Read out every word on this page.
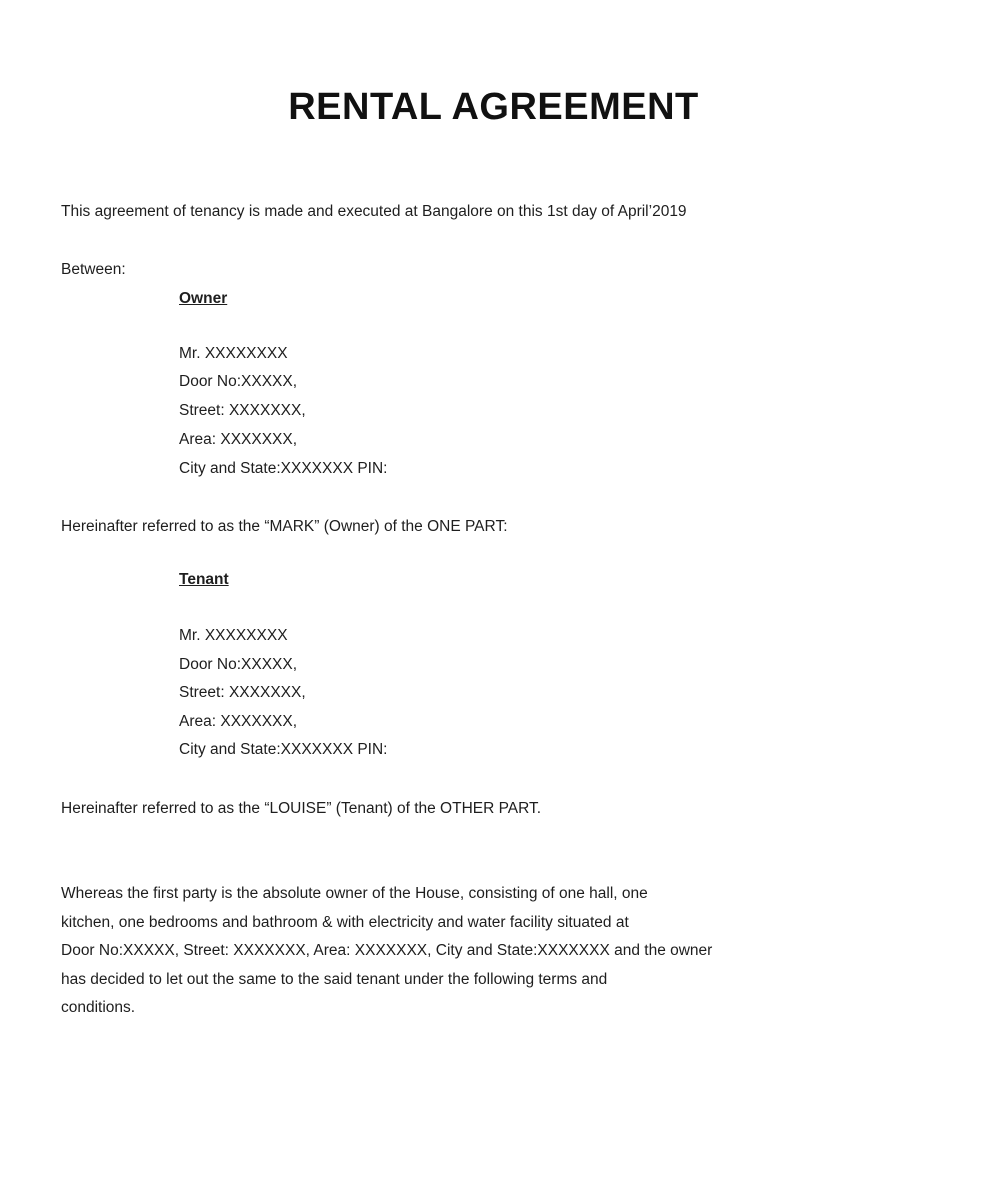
RENTAL AGREEMENT
This agreement of tenancy is made and executed at Bangalore on this 1st day of April’2019
Between:
Owner
Mr. XXXXXXXX
Door No:XXXXX,
Street: XXXXXXX,
Area: XXXXXXX,
City and State:XXXXXXX PIN:
Hereinafter referred to as the “MARK” (Owner) of the ONE PART:
Tenant
Mr. XXXXXXXX
Door No:XXXXX,
Street: XXXXXXX,
Area: XXXXXXX,
City and State:XXXXXXX PIN:
Hereinafter referred to as the “LOUISE” (Tenant) of the OTHER PART.
Whereas the first party is the absolute owner of the House, consisting of one hall, one
kitchen, one bedrooms and bathroom & with electricity and water facility situated at
Door No:XXXXX, Street: XXXXXXX, Area: XXXXXXX, City and State:XXXXXXX and the owner
has decided to let out the same to the said tenant under the following terms and
conditions.
